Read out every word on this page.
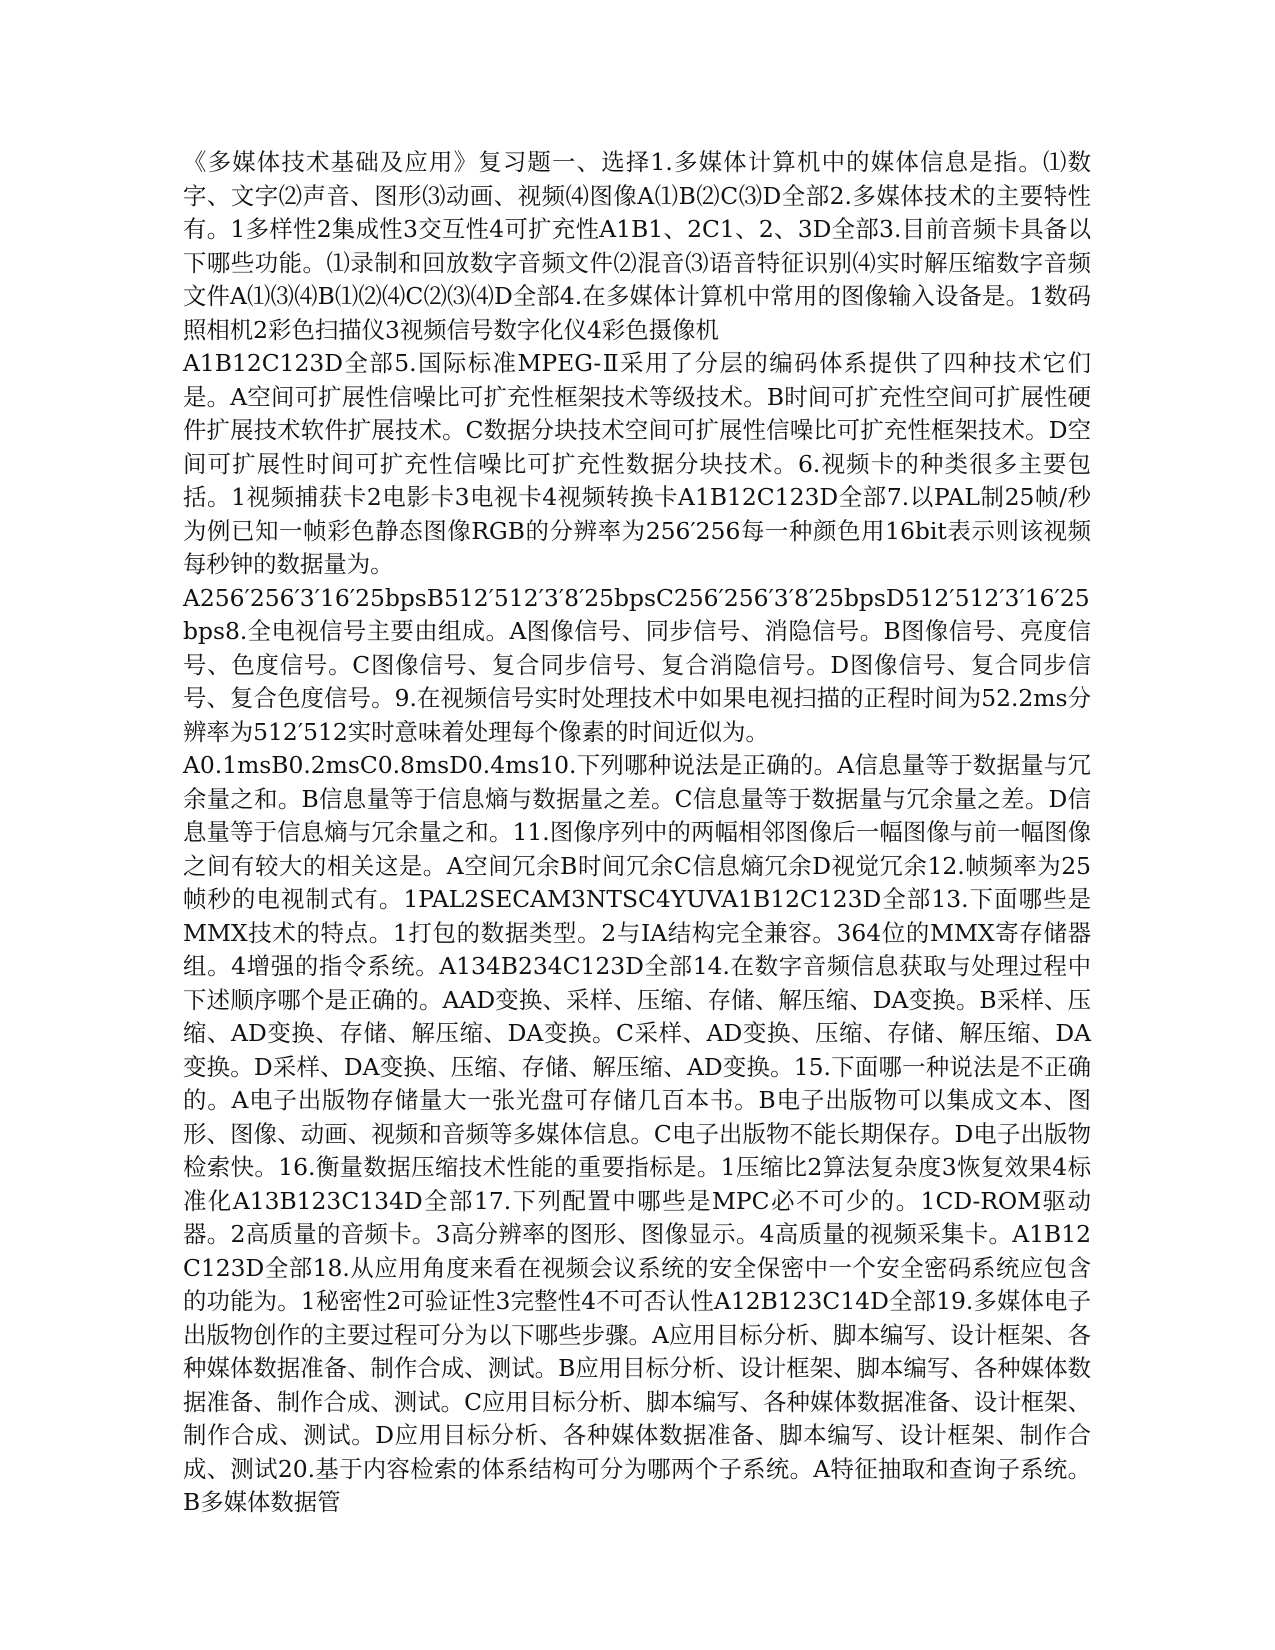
《多媒体技术基础及应用》复习题一、选择1.多媒体计算机中的媒体信息是指。⑴数字、文字⑵声音、图形⑶动画、视频⑷图像A⑴B⑵C⑶D全部2.多媒体技术的主要特性有。1多样性2集成性3交互性4可扩充性A1B1、2C1、2、3D全部3.目前音频卡具备以下哪些功能。⑴录制和回放数字音频文件⑵混音⑶语音特征识别⑷实时解压缩数字音频文件A⑴⑶⑷B⑴⑵⑷C⑵⑶⑷D全部4.在多媒体计算机中常用的图像输入设备是。1数码照相机2彩色扫描仪3视频信号数字化仪4彩色摄像机
A1B12C123D全部5.国际标准MPEG-Ⅱ采用了分层的编码体系提供了四种技术它们是。A空间可扩展性信噪比可扩充性框架技术等级技术。B时间可扩充性空间可扩展性硬件扩展技术软件扩展技术。C数据分块技术空间可扩展性信噪比可扩充性框架技术。D空间可扩展性时间可扩充性信噪比可扩充性数据分块技术。6.视频卡的种类很多主要包括。1视频捕获卡2电影卡3电视卡4视频转换卡A1B12C123D全部7.以PAL制25帧/秒为例已知一帧彩色静态图像RGB的分辨率为256′256每一种颜色用16bit表示则该视频每秒钟的数据量为。
A256′256′3′16′25bpsB512′512′3′8′25bpsC256′256′3′8′25bpsD512′512′3′16′25bps8.全电视信号主要由组成。A图像信号、同步信号、消隐信号。B图像信号、亮度信号、色度信号。C图像信号、复合同步信号、复合消隐信号。D图像信号、复合同步信号、复合色度信号。9.在视频信号实时处理技术中如果电视扫描的正程时间为52.2ms分辨率为512′512实时意味着处理每个像素的时间近似为。
A0.1msB0.2msC0.8msD0.4ms10.下列哪种说法是正确的。A信息量等于数据量与冗余量之和。B信息量等于信息熵与数据量之差。C信息量等于数据量与冗余量之差。D信息量等于信息熵与冗余量之和。11.图像序列中的两幅相邻图像后一幅图像与前一幅图像之间有较大的相关这是。A空间冗余B时间冗余C信息熵冗余D视觉冗余12.帧频率为25帧秒的电视制式有。1PAL2SECAM3NTSC4YUVA1B12C123D全部13.下面哪些是MMX技术的特点。1打包的数据类型。2与IA结构完全兼容。364位的MMX寄存储器组。4增强的指令系统。A134B234C123D全部14.在数字音频信息获取与处理过程中下述顺序哪个是正确的。AAD变换、采样、压缩、存储、解压缩、DA变换。B采样、压缩、AD变换、存储、解压缩、DA变换。C采样、AD变换、压缩、存储、解压缩、DA变换。D采样、DA变换、压缩、存储、解压缩、AD变换。15.下面哪一种说法是不正确的。A电子出版物存储量大一张光盘可存储几百本书。B电子出版物可以集成文本、图形、图像、动画、视频和音频等多媒体信息。C电子出版物不能长期保存。D电子出版物检索快。16.衡量数据压缩技术性能的重要指标是。1压缩比2算法复杂度3恢复效果4标准化A13B123C134D全部17.下列配置中哪些是MPC必不可少的。1CD-ROM驱动器。2高质量的音频卡。3高分辨率的图形、图像显示。4高质量的视频采集卡。A1B12C123D全部18.从应用角度来看在视频会议系统的安全保密中一个安全密码系统应包含的功能为。1秘密性2可验证性3完整性4不可否认性A12B123C14D全部19.多媒体电子出版物创作的主要过程可分为以下哪些步骤。A应用目标分析、脚本编写、设计框架、各种媒体数据准备、制作合成、测试。B应用目标分析、设计框架、脚本编写、各种媒体数据准备、制作合成、测试。C应用目标分析、脚本编写、各种媒体数据准备、设计框架、制作合成、测试。D应用目标分析、各种媒体数据准备、脚本编写、设计框架、制作合成、测试20.基于内容检索的体系结构可分为哪两个子系统。A特征抽取和查询子系统。B多媒体数据管
